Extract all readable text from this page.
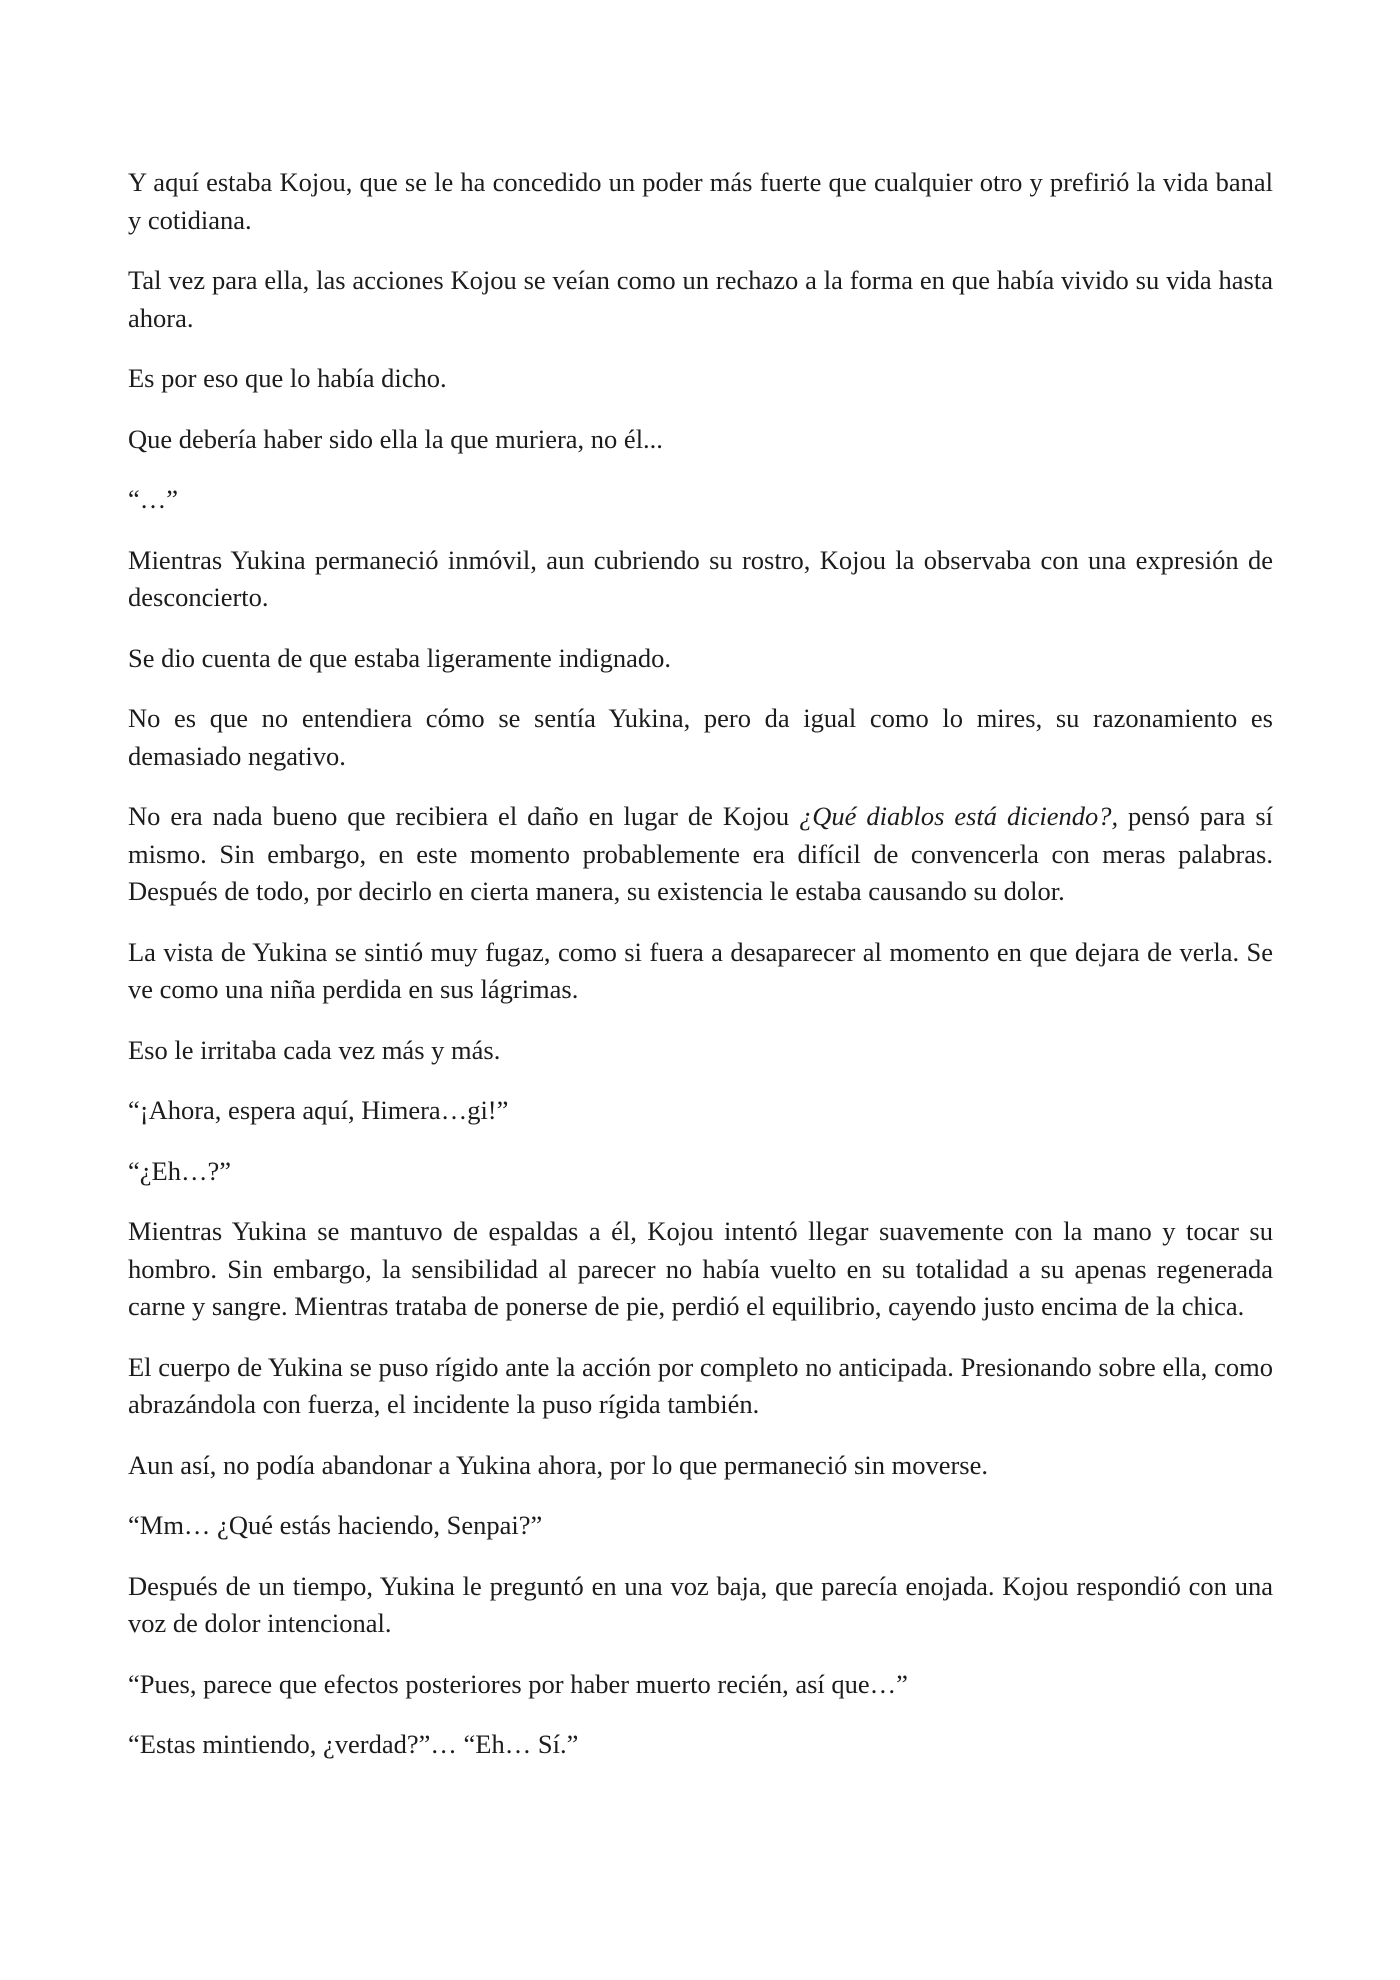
Y aquí estaba Kojou, que se le ha concedido un poder más fuerte que cualquier otro y prefirió la vida banal y cotidiana.

Tal vez para ella, las acciones Kojou se veían como un rechazo a la forma en que había vivido su vida hasta ahora.

Es por eso que lo había dicho.

Que debería haber sido ella la que muriera, no él...

“…”

Mientras Yukina permaneció inmóvil, aun cubriendo su rostro, Kojou la observaba con una expresión de desconcierto.

Se dio cuenta de que estaba ligeramente indignado.

No es que no entendiera cómo se sentía Yukina, pero da igual como lo mires, su razonamiento es demasiado negativo.

No era nada bueno que recibiera el daño en lugar de Kojou ¿Qué diablos está diciendo?, pensó para sí mismo. Sin embargo, en este momento probablemente era difícil de convencerla con meras palabras. Después de todo, por decirlo en cierta manera, su existencia le estaba causando su dolor.

La vista de Yukina se sintió muy fugaz, como si fuera a desaparecer al momento en que dejara de verla. Se ve como una niña perdida en sus lágrimas.

Eso le irritaba cada vez más y más.

“¡Ahora, espera aquí, Himera…gi!”

“¿Eh…?”

Mientras Yukina se mantuvo de espaldas a él, Kojou intentó llegar suavemente con la mano y tocar su hombro. Sin embargo, la sensibilidad al parecer no había vuelto en su totalidad a su apenas regenerada carne y sangre. Mientras trataba de ponerse de pie, perdió el equilibrio, cayendo justo encima de la chica.

El cuerpo de Yukina se puso rígido ante la acción por completo no anticipada. Presionando sobre ella, como abrazándola con fuerza, el incidente la puso rígida también.

Aun así, no podía abandonar a Yukina ahora, por lo que permaneció sin moverse.

“Mm… ¿Qué estás haciendo, Senpai?”

Después de un tiempo, Yukina le preguntó en una voz baja, que parecía enojada. Kojou respondió con una voz de dolor intencional.

“Pues, parece que efectos posteriores por haber muerto recién, así que…”

“Estas mintiendo, ¿verdad?”… “Eh… Sí.”
